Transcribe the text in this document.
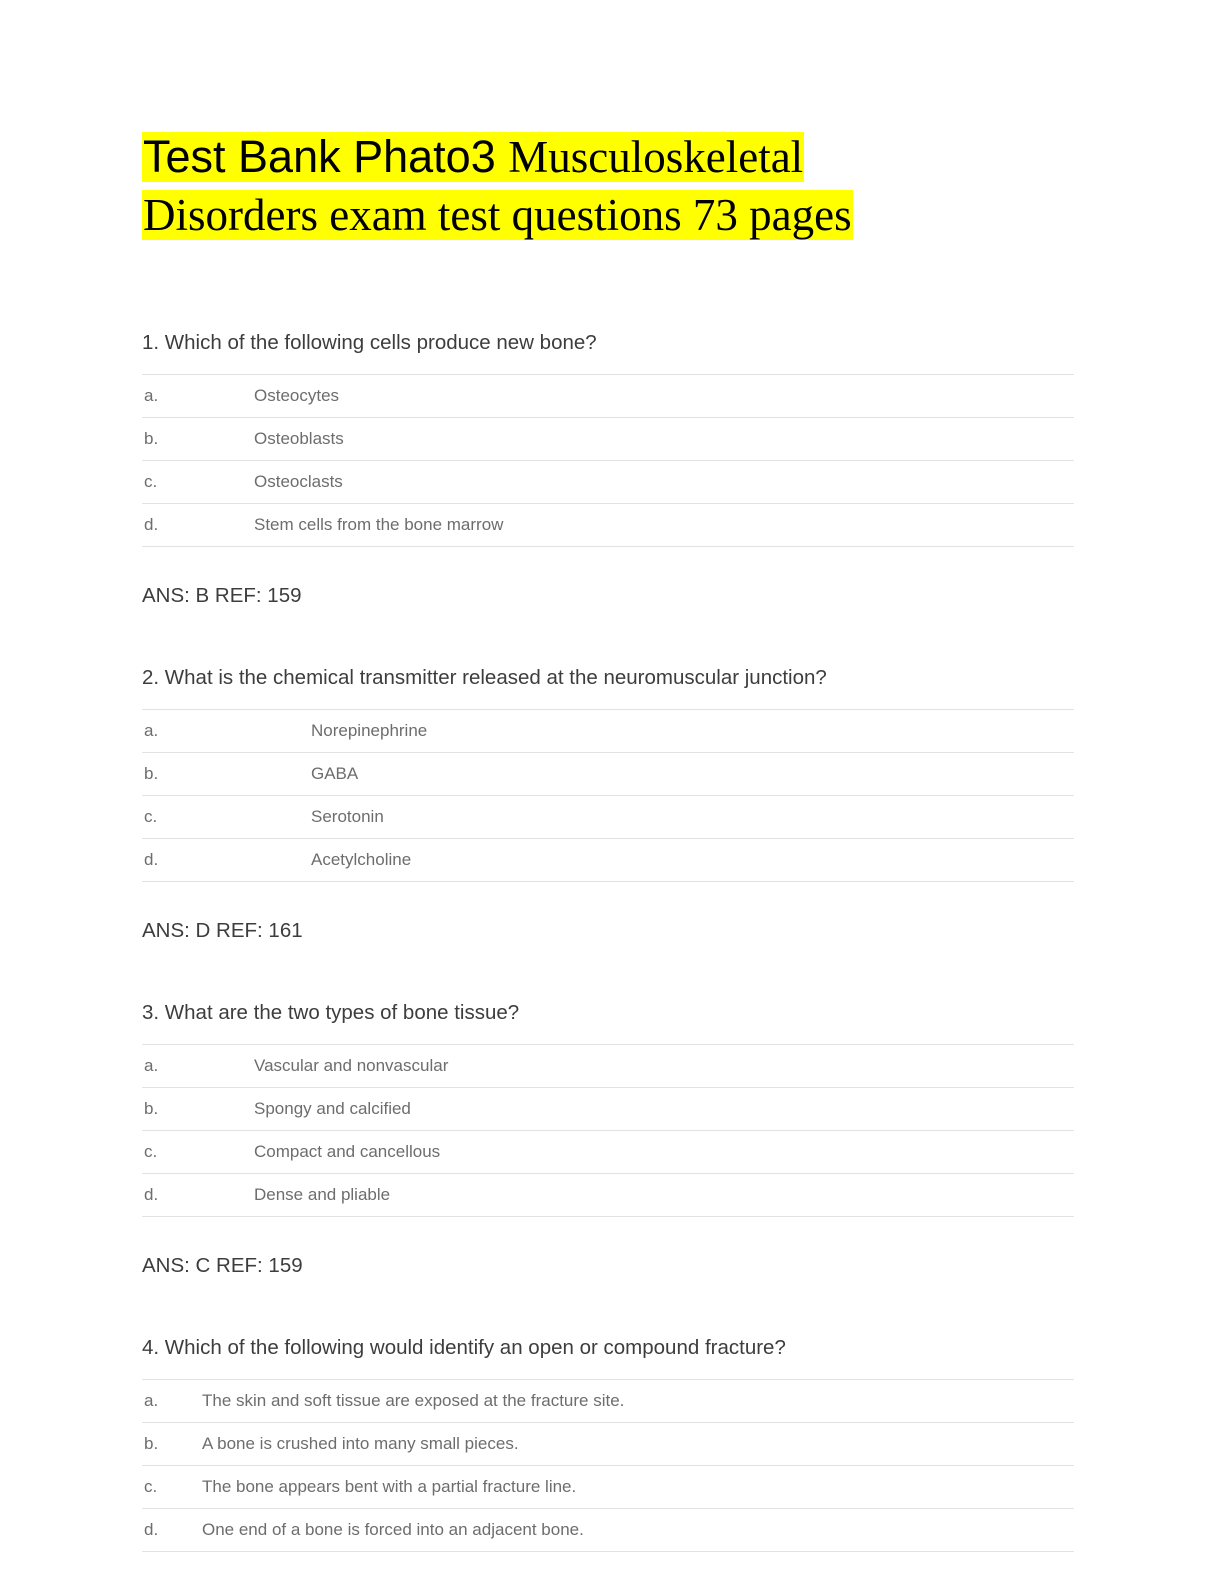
Test Bank Phato3 Musculoskeletal Disorders exam test questions 73 pages

1. Which of the following cells produce new bone?

a.	Osteocytes
b.	Osteoblasts
c.	Osteoclasts
d.	Stem cells from the bone marrow

ANS: B REF: 159

2. What is the chemical transmitter released at the neuromuscular junction?

a.	Norepinephrine
b.	GABA
c.	Serotonin
d.	Acetylcholine

ANS: D REF: 161

3. What are the two types of bone tissue?

a.	Vascular and nonvascular
b.	Spongy and calcified
c.	Compact and cancellous
d.	Dense and pliable

ANS: C REF: 159

4. Which of the following would identify an open or compound fracture?

a.	The skin and soft tissue are exposed at the fracture site.
b.	A bone is crushed into many small pieces.
c.	The bone appears bent with a partial fracture line.
d.	One end of a bone is forced into an adjacent bone.
